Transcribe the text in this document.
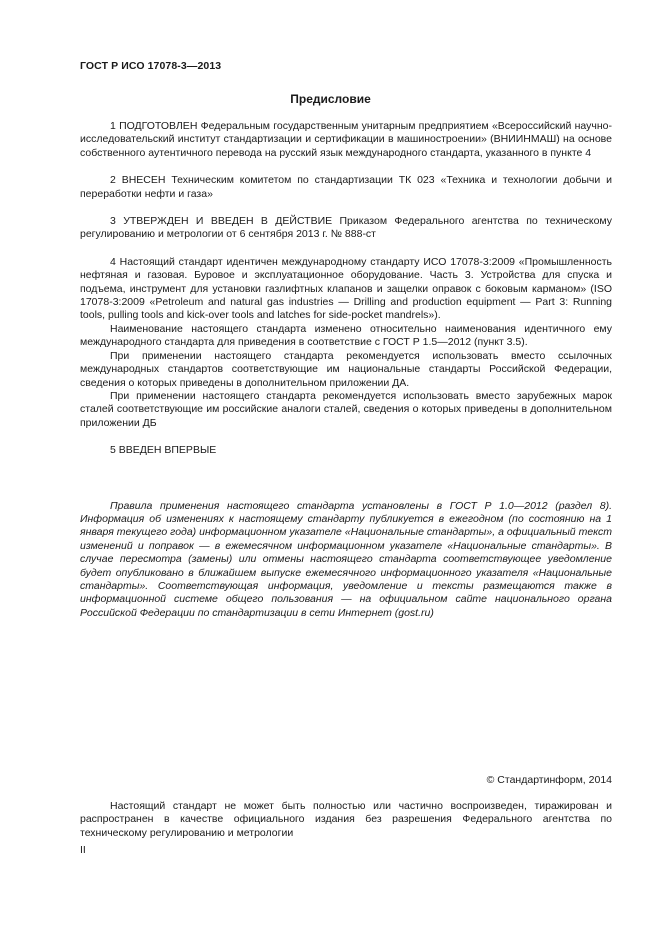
ГОСТ Р ИСО 17078-3—2013
Предисловие

1 ПОДГОТОВЛЕН Федеральным государственным унитарным предприятием «Всероссийский научно-исследовательский институт стандартизации и сертификации в машиностроении» (ВНИИНМАШ) на основе собственного аутентичного перевода на русский язык международного стандарта, указанного в пункте 4

2 ВНЕСЕН Техническим комитетом по стандартизации ТК 023 «Техника и технологии добычи и переработки нефти и газа»

3 УТВЕРЖДЕН И ВВЕДЕН В ДЕЙСТВИЕ Приказом Федерального агентства по техническому регулированию и метрологии от 6 сентября 2013 г. № 888-ст

4 Настоящий стандарт идентичен международному стандарту ИСО 17078-3:2009 «Промышленность нефтяная и газовая. Буровое и эксплуатационное оборудование. Часть 3. Устройства для спуска и подъема, инструмент для установки газлифтных клапанов и защелки оправок с боковым карманом» (ISO 17078-3:2009 «Petroleum and natural gas industries — Drilling and production equipment — Part 3: Running tools, pulling tools and kick-over tools and latches for side-pocket mandrels»).

Наименование настоящего стандарта изменено относительно наименования идентичного ему международного стандарта для приведения в соответствие с ГОСТ Р 1.5—2012 (пункт 3.5).

При применении настоящего стандарта рекомендуется использовать вместо ссылочных международных стандартов соответствующие им национальные стандарты Российской Федерации, сведения о которых приведены в дополнительном приложении ДА.

При применении настоящего стандарта рекомендуется использовать вместо зарубежных марок сталей соответствующие им российские аналоги сталей, сведения о которых приведены в дополнительном приложении ДБ

5 ВВЕДЕН ВПЕРВЫЕ

Правила применения настоящего стандарта установлены в ГОСТ Р 1.0—2012 (раздел 8). Информация об изменениях к настоящему стандарту публикуется в ежегодном (по состоянию на 1 января текущего года) информационном указателе «Национальные стандарты», а официальный текст изменений и поправок — в ежемесячном информационном указателе «Национальные стандарты». В случае пересмотра (замены) или отмены настоящего стандарта соответствующее уведомление будет опубликовано в ближайшем выпуске ежемесячного информационного указателя «Национальные стандарты». Соответствующая информация, уведомление и тексты размещаются также в информационной системе общего пользования — на официальном сайте национального органа Российской Федерации по стандартизации в сети Интернет (gost.ru)

© Стандартинформ, 2014

Настоящий стандарт не может быть полностью или частично воспроизведен, тиражирован и распространен в качестве официального издания без разрешения Федерального агентства по техническому регулированию и метрологии

II
